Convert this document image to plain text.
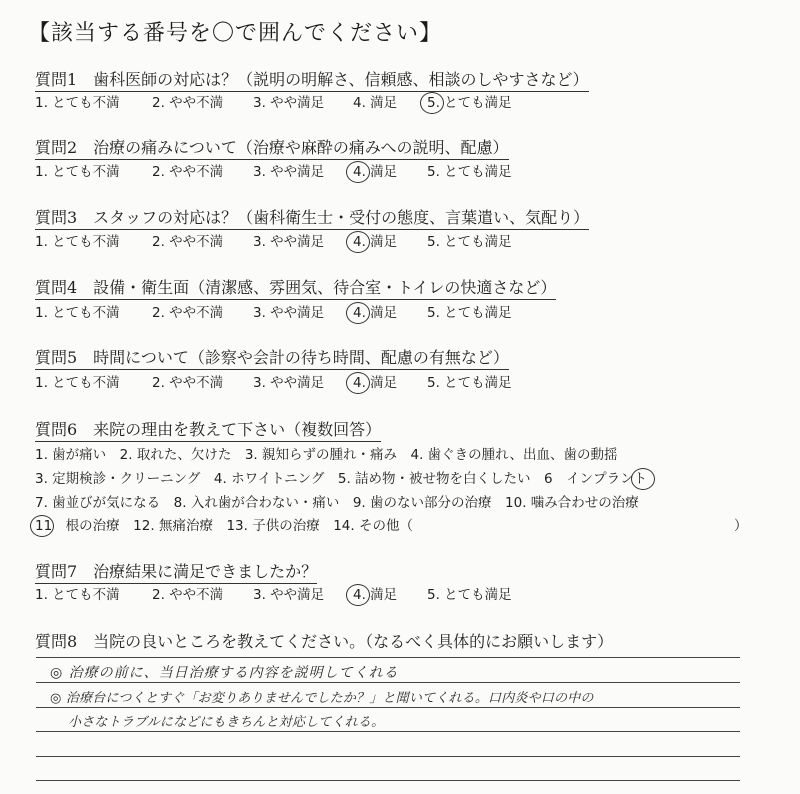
【該当する番号を〇で囲んでください】
質問1　歯科医師の対応は？（説明の明解さ、信頼感、相談のしやすさなど）
1. とても不満 2. やや不満 3. やや満足 4. 満足 5. とても満足
質問2　治療の痛みについて（治療や麻酔の痛みへの説明、配慮）
1. とても不満 2. やや不満 3. やや満足 4. 満足 5. とても満足
質問3　スタッフの対応は？（歯科衛生士・受付の態度、言葉遣い、気配り）
1. とても不満 2. やや不満 3. やや満足 4. 満足 5. とても満足
質問4　設備・衛生面（清潔感、雰囲気、待合室・トイレの快適さなど）
1. とても不満 2. やや不満 3. やや満足 4. 満足 5. とても満足
質問5　時間について（診察や会計の待ち時間、配慮の有無など）
1. とても不満 2. やや不満 3. やや満足 4. 満足 5. とても満足
質問6　来院の理由を教えて下さい（複数回答）
1. 歯が痛い　2. 取れた、欠けた　3. 親知らずの腫れ・痛み　4. 歯ぐきの腫れ、出血、歯の動揺
3. 定期検診・クリーニング　4. ホワイトニング　5. 詰め物・被せ物を白くしたい　6　インプラント
7. 歯並びが気になる　8. 入れ歯が合わない・痛い　9. 歯のない部分の治療　10. 噛み合わせの治療
11　根の治療　12. 無痛治療　13. 子供の治療　14. その他（	）
質問7　治療結果に満足できましたか？
1. とても不満 2. やや不満 3. やや満足 4. 満足 5. とても満足
質問8　当院の良いところを教えてください。（なるべく具体的にお願いします）
◎ 治療の前に、当日治療する内容を説明してくれる
◎ 治療台につくとすぐ「お変りありませんでしたか？」と聞いてくれる。口内炎や口の中の
小さなトラブルになどにもきちんと対応してくれる。
